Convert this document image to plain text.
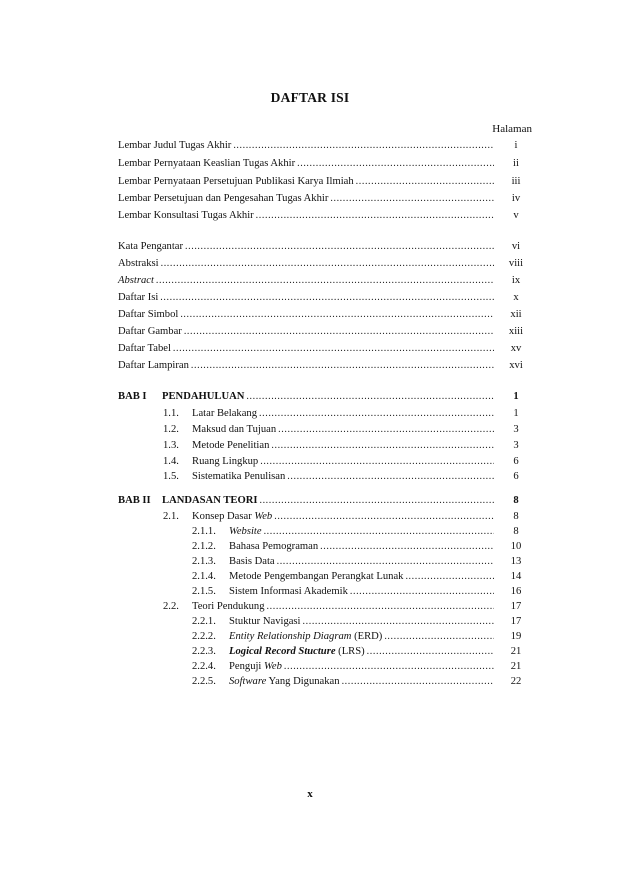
DAFTAR ISI
Halaman
Lembar Judul Tugas Akhir .....	i
Lembar Pernyataan Keaslian Tugas Akhir .....	ii
Lembar Pernyataan Persetujuan Publikasi Karya Ilmiah .....	iii
Lembar Persetujuan dan Pengesahan Tugas Akhir .....	iv
Lembar Konsultasi Tugas Akhir .....	v
Kata Pengantar .....	vi
Abstraksi .....	viii
Abstract .....	ix
Daftar Isi .....	x
Daftar Simbol .....	xii
Daftar Gambar .....	xiii
Daftar Tabel .....	xv
Daftar Lampiran .....	xvi
BAB I PENDAHULUAN .....	1
1.1. Latar Belakang .....	1
1.2. Maksud dan Tujuan .....	3
1.3. Metode Penelitian .....	3
1.4. Ruang Lingkup .....	6
1.5. Sistematika Penulisan .....	6
BAB II LANDASAN TEORI .....	8
2.1. Konsep Dasar Web .....	8
2.1.1. Website .....	8
2.1.2. Bahasa Pemograman .....	10
2.1.3. Basis Data .....	13
2.1.4. Metode Pengembangan Perangkat Lunak .....	14
2.1.5. Sistem Informasi Akademik .....	16
2.2. Teori Pendukung .....	17
2.2.1. Stuktur Navigasi .....	17
2.2.2. Entity Relationship Diagram (ERD) .....	19
2.2.3. Logical Record Stucture (LRS) .....	21
2.2.4. Penguji Web .....	21
2.2.5. Software Yang Digunakan .....	22
x
